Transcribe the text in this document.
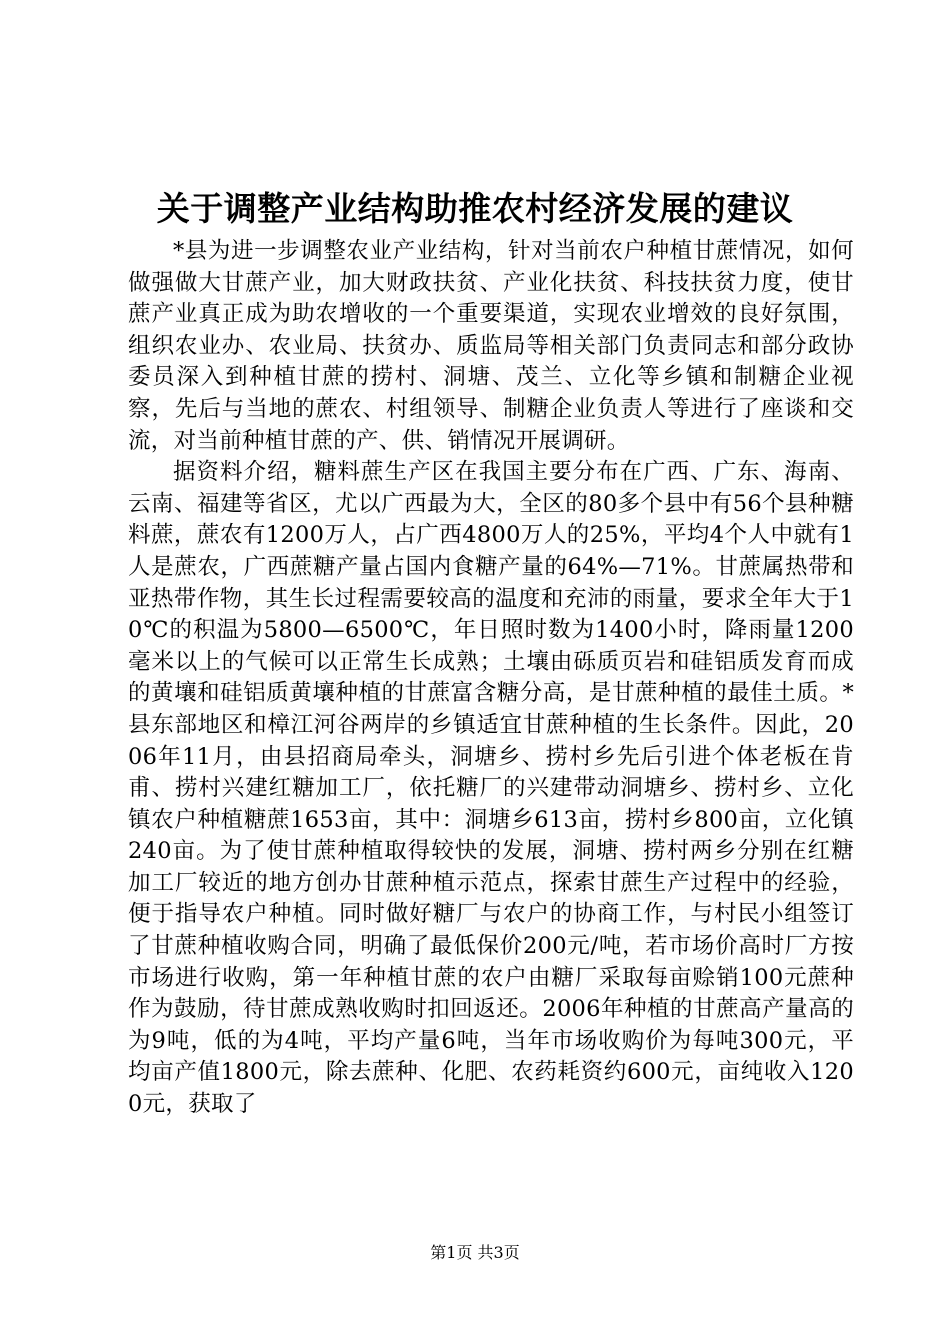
关于调整产业结构助推农村经济发展的建议

*县为进一步调整农业产业结构，针对当前农户种植甘蔗情况，如何做强做大甘蔗产业，加大财政扶贫、产业化扶贫、科技扶贫力度，使甘蔗产业真正成为助农增收的一个重要渠道，实现农业增效的良好氛围，组织农业办、农业局、扶贫办、质监局等相关部门负责同志和部分政协委员深入到种植甘蔗的捞村、洞塘、茂兰、立化等乡镇和制糖企业视察，先后与当地的蔗农、村组领导、制糖企业负责人等进行了座谈和交流，对当前种植甘蔗的产、供、销情况开展调研。

据资料介绍，糖料蔗生产区在我国主要分布在广西、广东、海南、云南、福建等省区，尤以广西最为大，全区的80多个县中有56个县种糖料蔗，蔗农有1200万人，占广西4800万人的25%，平均4个人中就有1人是蔗农，广西蔗糖产量占国内食糖产量的64%—71%。甘蔗属热带和亚热带作物，其生长过程需要较高的温度和充沛的雨量，要求全年大于10℃的积温为5800—6500℃，年日照时数为1400小时，降雨量1200毫米以上的气候可以正常生长成熟；土壤由砾质页岩和硅铝质发育而成的黄壤和硅铝质黄壤种植的甘蔗富含糖分高，是甘蔗种植的最佳土质。*县东部地区和樟江河谷两岸的乡镇适宜甘蔗种植的生长条件。因此，2006年11月，由县招商局牵头，洞塘乡、捞村乡先后引进个体老板在肯甫、捞村兴建红糖加工厂，依托糖厂的兴建带动洞塘乡、捞村乡、立化镇农户种植糖蔗1653亩，其中：洞塘乡613亩，捞村乡800亩，立化镇240亩。为了使甘蔗种植取得较快的发展，洞塘、捞村两乡分别在红糖加工厂较近的地方创办甘蔗种植示范点，探索甘蔗生产过程中的经验，便于指导农户种植。同时做好糖厂与农户的协商工作，与村民小组签订了甘蔗种植收购合同，明确了最低保价200元/吨，若市场价高时厂方按市场进行收购，第一年种植甘蔗的农户由糖厂采取每亩赊销100元蔗种作为鼓励，待甘蔗成熟收购时扣回返还。2006年种植的甘蔗高产量高的为9吨，低的为4吨，平均产量6吨，当年市场收购价为每吨300元，平均亩产值1800元，除去蔗种、化肥、农药耗资约600元，亩纯收入1200元，获取了

第1页 共3页
